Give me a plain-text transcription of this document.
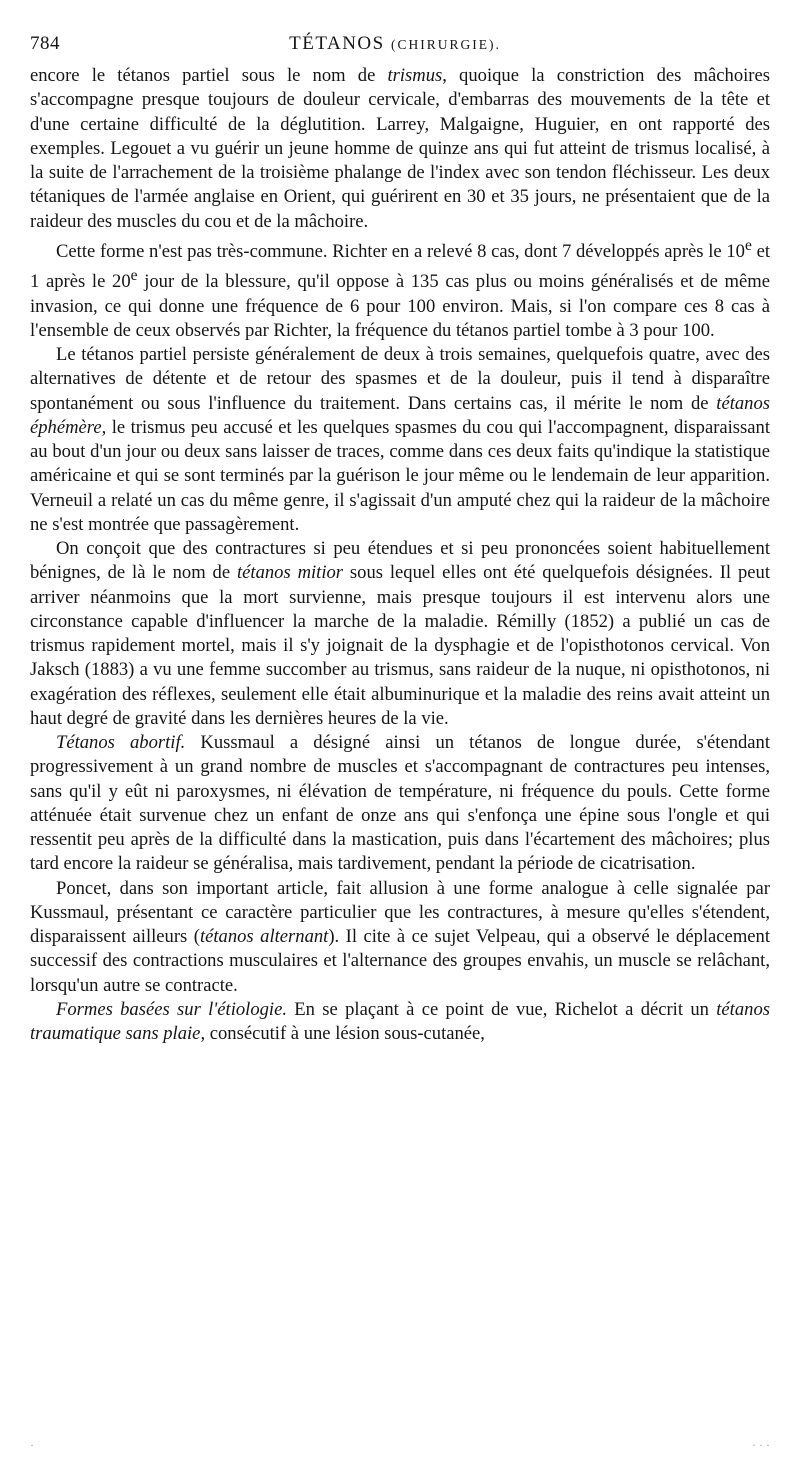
784	TÉTANOS (CHIRURGIE).

encore le tétanos partiel sous le nom de trismus, quoique la constriction des mâchoires s'accompagne presque toujours de douleur cervicale, d'embarras des mouvements de la tête et d'une certaine difficulté de la déglutition. Larrey, Malgaigne, Huguier, en ont rapporté des exemples. Legouet a vu guérir un jeune homme de quinze ans qui fut atteint de trismus localisé, à la suite de l'arrachement de la troisième phalange de l'index avec son tendon fléchisseur. Les deux tétaniques de l'armée anglaise en Orient, qui guérirent en 30 et 35 jours, ne présentaient que de la raideur des muscles du cou et de la mâchoire.

Cette forme n'est pas très-commune. Richter en a relevé 8 cas, dont 7 développés après le 10e et 1 après le 20e jour de la blessure, qu'il oppose à 135 cas plus ou moins généralisés et de même invasion, ce qui donne une fréquence de 6 pour 100 environ. Mais, si l'on compare ces 8 cas à l'ensemble de ceux observés par Richter, la fréquence du tétanos partiel tombe à 3 pour 100.

Le tétanos partiel persiste généralement de deux à trois semaines, quelquefois quatre, avec des alternatives de détente et de retour des spasmes et de la douleur, puis il tend à disparaître spontanément ou sous l'influence du traitement. Dans certains cas, il mérite le nom de tétanos éphémère, le trismus peu accusé et les quelques spasmes du cou qui l'accompagnent, disparaissant au bout d'un jour ou deux sans laisser de traces, comme dans ces deux faits qu'indique la statistique américaine et qui se sont terminés par la guérison le jour même ou le lendemain de leur apparition. Verneuil a relaté un cas du même genre, il s'agissait d'un amputé chez qui la raideur de la mâchoire ne s'est montrée que passagèrement.

On conçoit que des contractures si peu étendues et si peu prononcées soient habituellement bénignes, de là le nom de tétanos mitior sous lequel elles ont été quelquefois désignées. Il peut arriver néanmoins que la mort survienne, mais presque toujours il est intervenu alors une circonstance capable d'influencer la marche de la maladie. Rémilly (1852) a publié un cas de trismus rapidement mortel, mais il s'y joignait de la dysphagie et de l'opisthotonos cervical. Von Jaksch (1883) a vu une femme succomber au trismus, sans raideur de la nuque, ni opisthotonos, ni exagération des réflexes, seulement elle était albuminurique et la maladie des reins avait atteint un haut degré de gravité dans les dernières heures de la vie.

Tétanos abortif. Kussmaul a désigné ainsi un tétanos de longue durée, s'étendant progressivement à un grand nombre de muscles et s'accompagnant de contractures peu intenses, sans qu'il y eût ni paroxysmes, ni élévation de température, ni fréquence du pouls. Cette forme atténuée était survenue chez un enfant de onze ans qui s'enfonça une épine sous l'ongle et qui ressentit peu après de la difficulté dans la mastication, puis dans l'écartement des mâchoires; plus tard encore la raideur se généralisa, mais tardivement, pendant la période de cicatrisation.

Poncet, dans son important article, fait allusion à une forme analogue à celle signalée par Kussmaul, présentant ce caractère particulier que les contractures, à mesure qu'elles s'étendent, disparaissent ailleurs (tétanos alternant). Il cite à ce sujet Velpeau, qui a observé le déplacement successif des contractions musculaires et l'alternance des groupes envahis, un muscle se relâchant, lorsqu'un autre se contracte.

Formes basées sur l'étiologie. En se plaçant à ce point de vue, Richelot a décrit un tétanos traumatique sans plaie, consécutif à une lésion sous-cutanée,

·	· · ·
